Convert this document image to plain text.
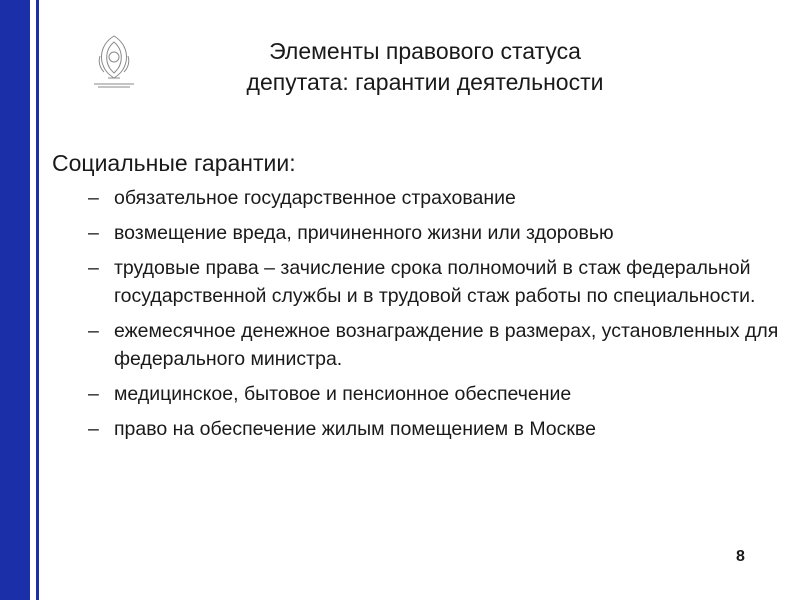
Элементы правового статуса
депутата: гарантии деятельности
Социальные гарантии:
– обязательное государственное страхование
– возмещение вреда, причиненного жизни или здоровью
– трудовые права – зачисление срока полномочий в стаж федеральной государственной службы и в трудовой стаж работы по специальности.
– ежемесячное денежное вознаграждение в размерах, установленных для федерального министра.
– медицинское, бытовое и пенсионное обеспечение
– право на обеспечение жилым помещением в Москве
8
